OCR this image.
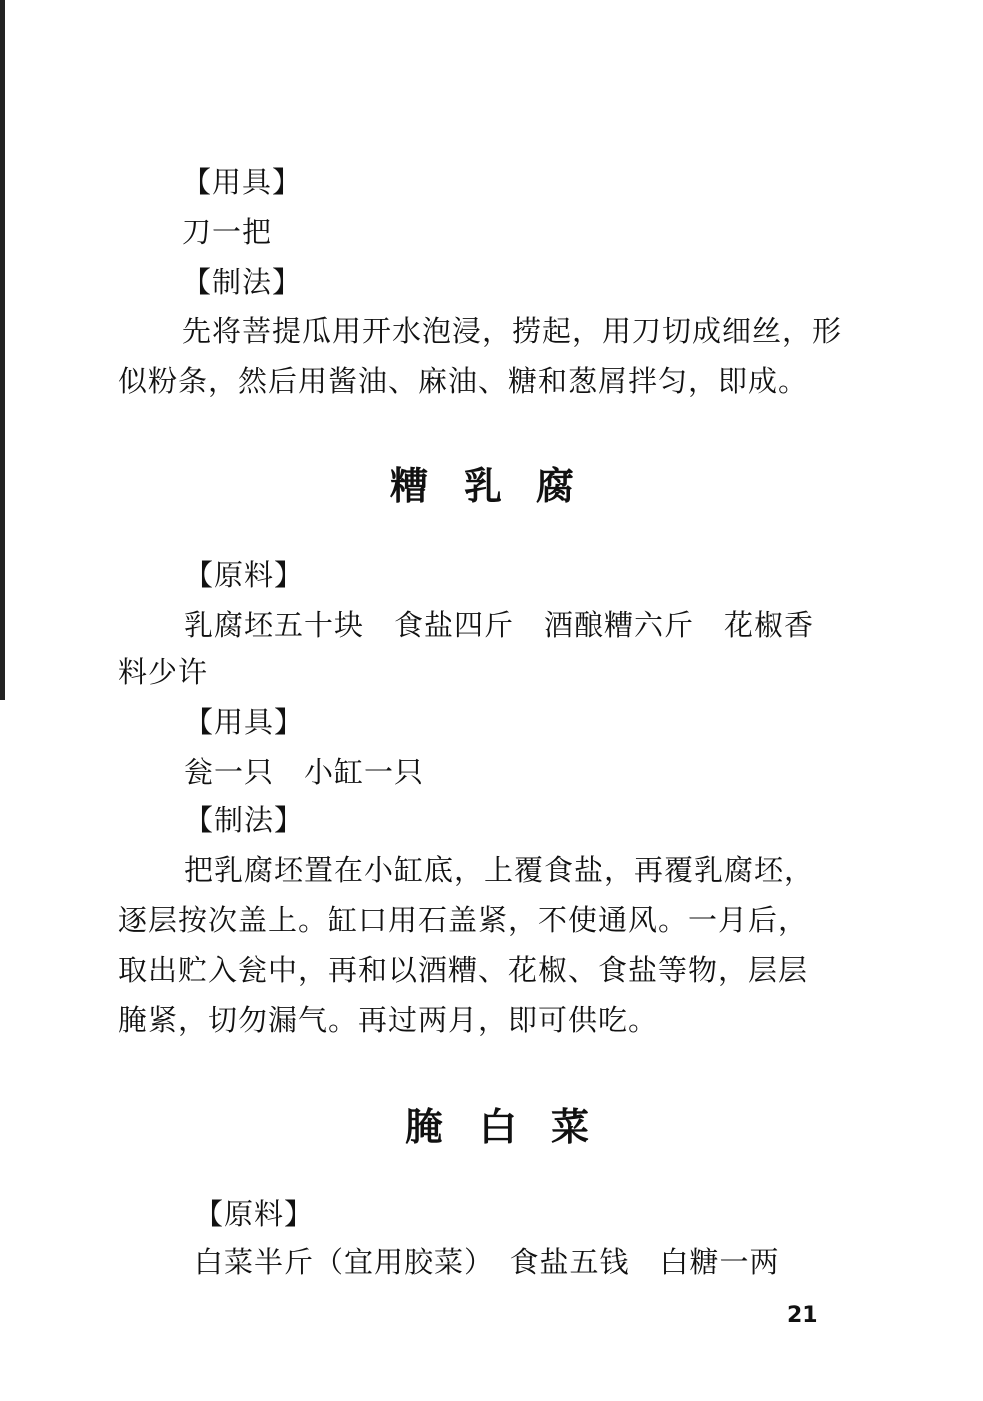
【用具】
刀一把
【制法】
先将菩提瓜用开水泡浸，捞起，用刀切成细丝，形
似粉条，然后用酱油、麻油、糖和葱屑拌匀，即成。
糟 乳 腐
【原料】
乳腐坯五十块　食盐四斤　酒酿糟六斤　花椒香
料少许
【用具】
瓮一只　小缸一只
【制法】
把乳腐坯置在小缸底，上覆食盐，再覆乳腐坯，
逐层按次盖上。缸口用石盖紧，不使通风。一月后，
取出贮入瓮中，再和以酒糟、花椒、食盐等物，层层
腌紧，切勿漏气。再过两月，即可供吃。
腌 白 菜
【原料】
白菜半斤（宜用胶菜）　食盐五钱　白糖一两
21
